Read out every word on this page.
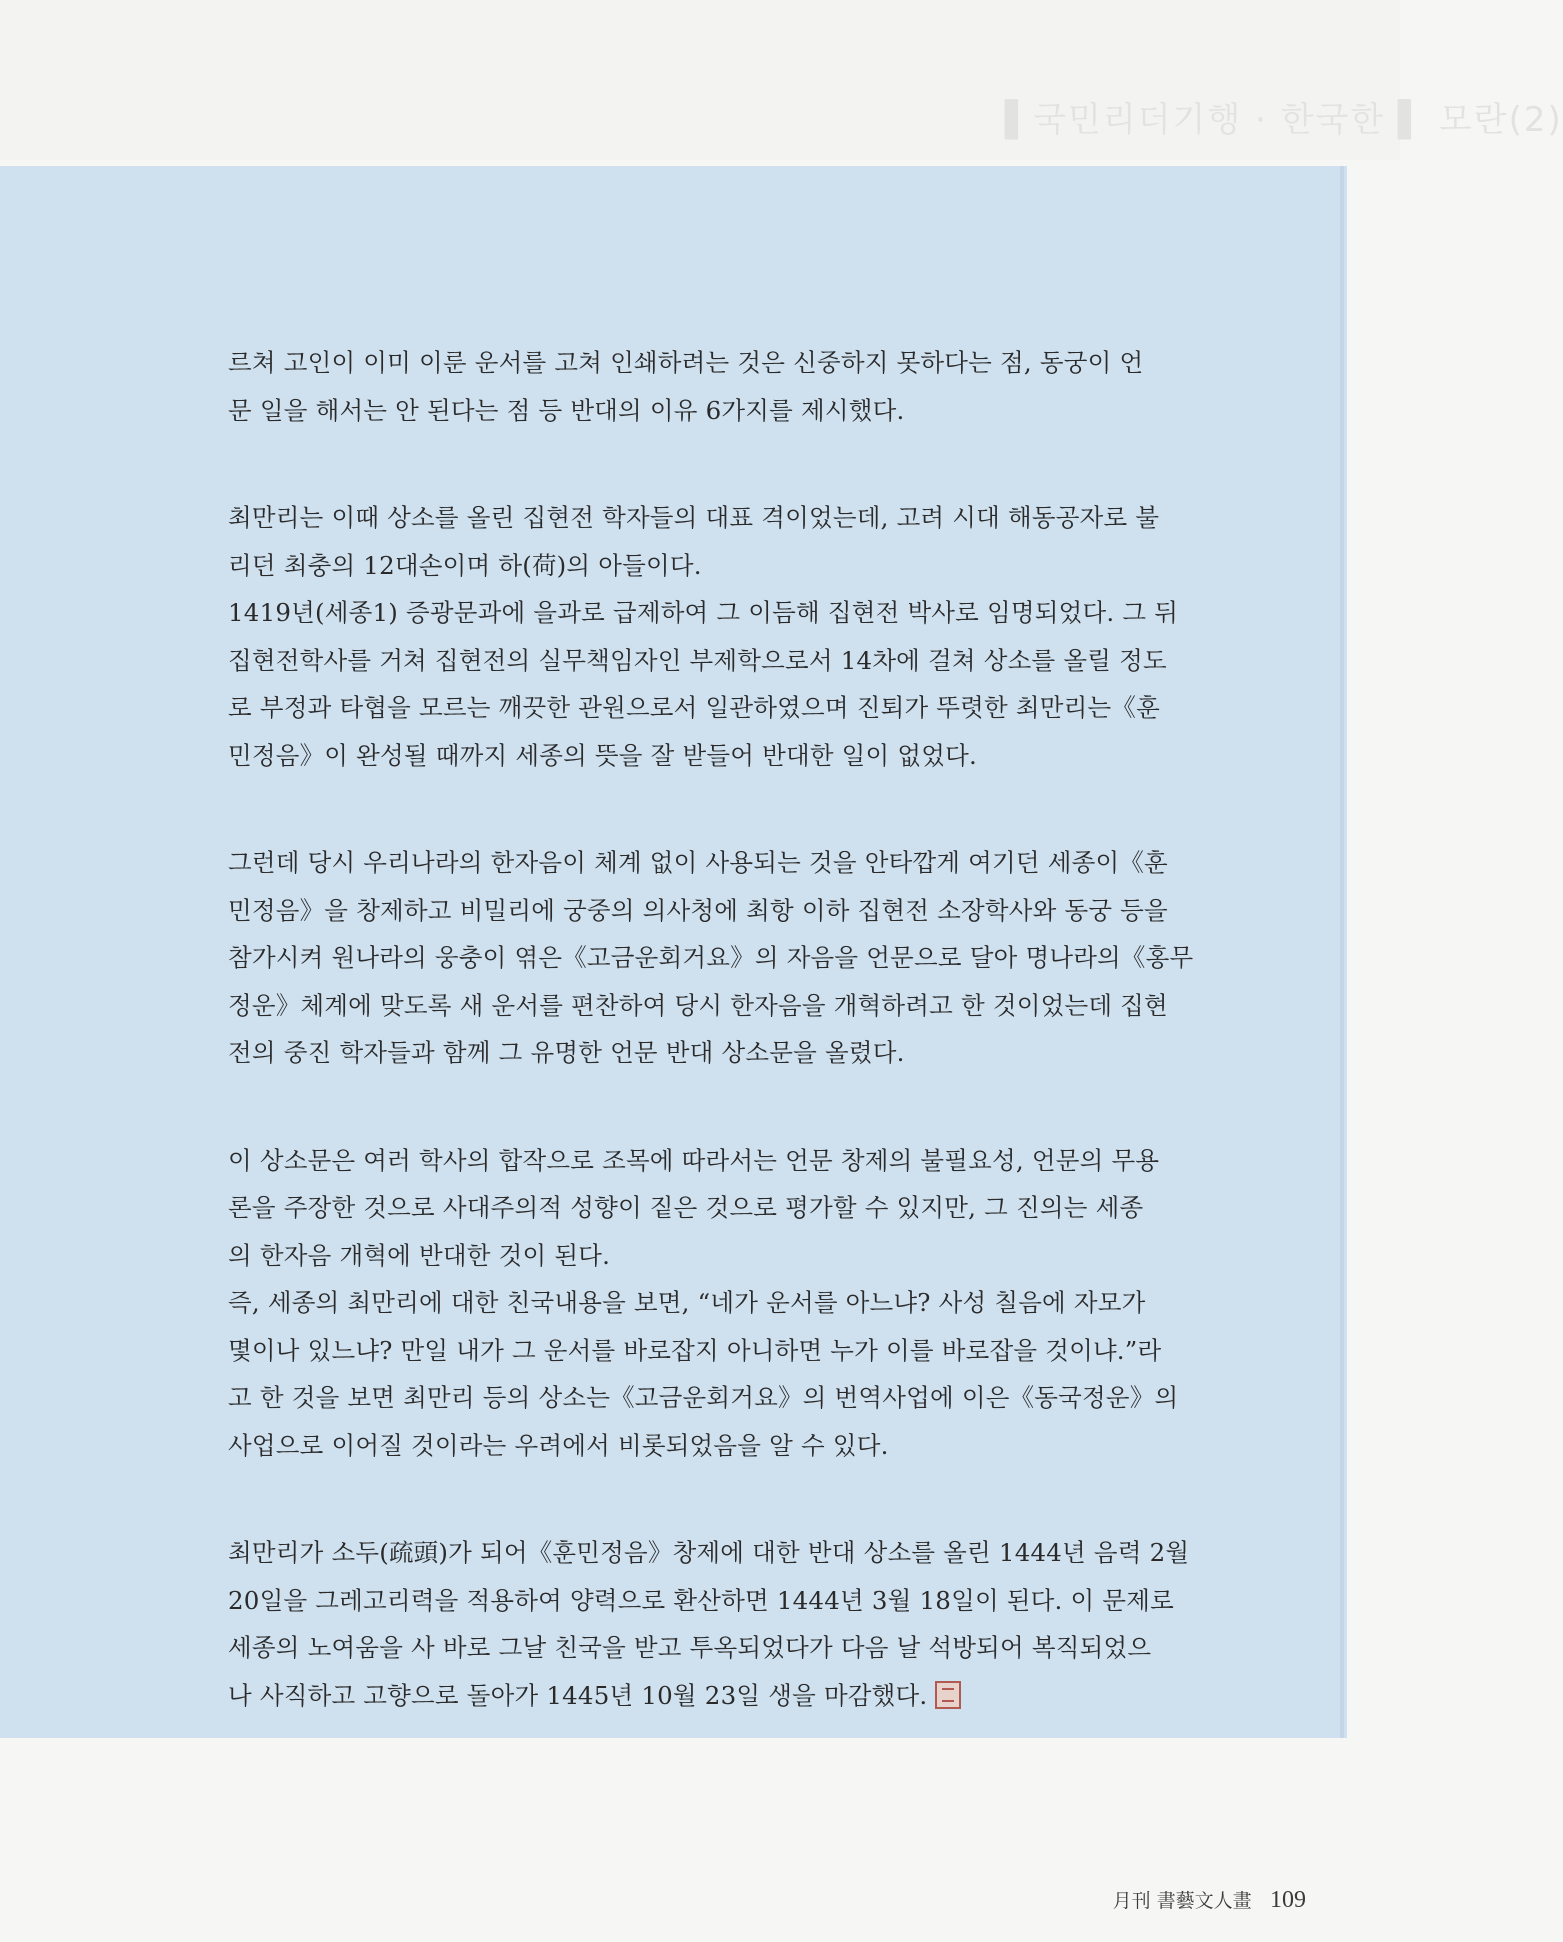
▌국민리더기행 · 한국한 ▌ 모란(2)

르쳐 고인이 이미 이룬 운서를 고쳐 인쇄하려는 것은 신중하지 못하다는 점, 동궁이 언
문 일을 해서는 안 된다는 점 등 반대의 이유 6가지를 제시했다.

최만리는 이때 상소를 올린 집현전 학자들의 대표 격이었는데, 고려 시대 해동공자로 불
리던 최충의 12대손이며 하(荷)의 아들이다.
1419년(세종1) 증광문과에 을과로 급제하여 그 이듬해 집현전 박사로 임명되었다. 그 뒤
집현전학사를 거쳐 집현전의 실무책임자인 부제학으로서 14차에 걸쳐 상소를 올릴 정도
로 부정과 타협을 모르는 깨끗한 관원으로서 일관하였으며 진퇴가 뚜렷한 최만리는《훈
민정음》이 완성될 때까지 세종의 뜻을 잘 받들어 반대한 일이 없었다.

그런데 당시 우리나라의 한자음이 체계 없이 사용되는 것을 안타깝게 여기던 세종이《훈
민정음》을 창제하고 비밀리에 궁중의 의사청에 최항 이하 집현전 소장학사와 동궁 등을
참가시켜 원나라의 웅충이 엮은《고금운회거요》의 자음을 언문으로 달아 명나라의《홍무
정운》체계에 맞도록 새 운서를 편찬하여 당시 한자음을 개혁하려고 한 것이었는데 집현
전의 중진 학자들과 함께 그 유명한 언문 반대 상소문을 올렸다.

이 상소문은 여러 학사의 합작으로 조목에 따라서는 언문 창제의 불필요성, 언문의 무용
론을 주장한 것으로 사대주의적 성향이 짙은 것으로 평가할 수 있지만, 그 진의는 세종
의 한자음 개혁에 반대한 것이 된다.
즉, 세종의 최만리에 대한 친국내용을 보면, “네가 운서를 아느냐? 사성 칠음에 자모가
몇이나 있느냐? 만일 내가 그 운서를 바로잡지 아니하면 누가 이를 바로잡을 것이냐.”라
고 한 것을 보면 최만리 등의 상소는《고금운회거요》의 번역사업에 이은《동국정운》의
사업으로 이어질 것이라는 우려에서 비롯되었음을 알 수 있다.

최만리가 소두(疏頭)가 되어《훈민정음》창제에 대한 반대 상소를 올린 1444년 음력 2월
20일을 그레고리력을 적용하여 양력으로 환산하면 1444년 3월 18일이 된다. 이 문제로
세종의 노여움을 사 바로 그날 친국을 받고 투옥되었다가 다음 날 석방되어 복직되었으
나 사직하고 고향으로 돌아가 1445년 10월 23일 생을 마감했다.

月刊 書藝文人畫 109
